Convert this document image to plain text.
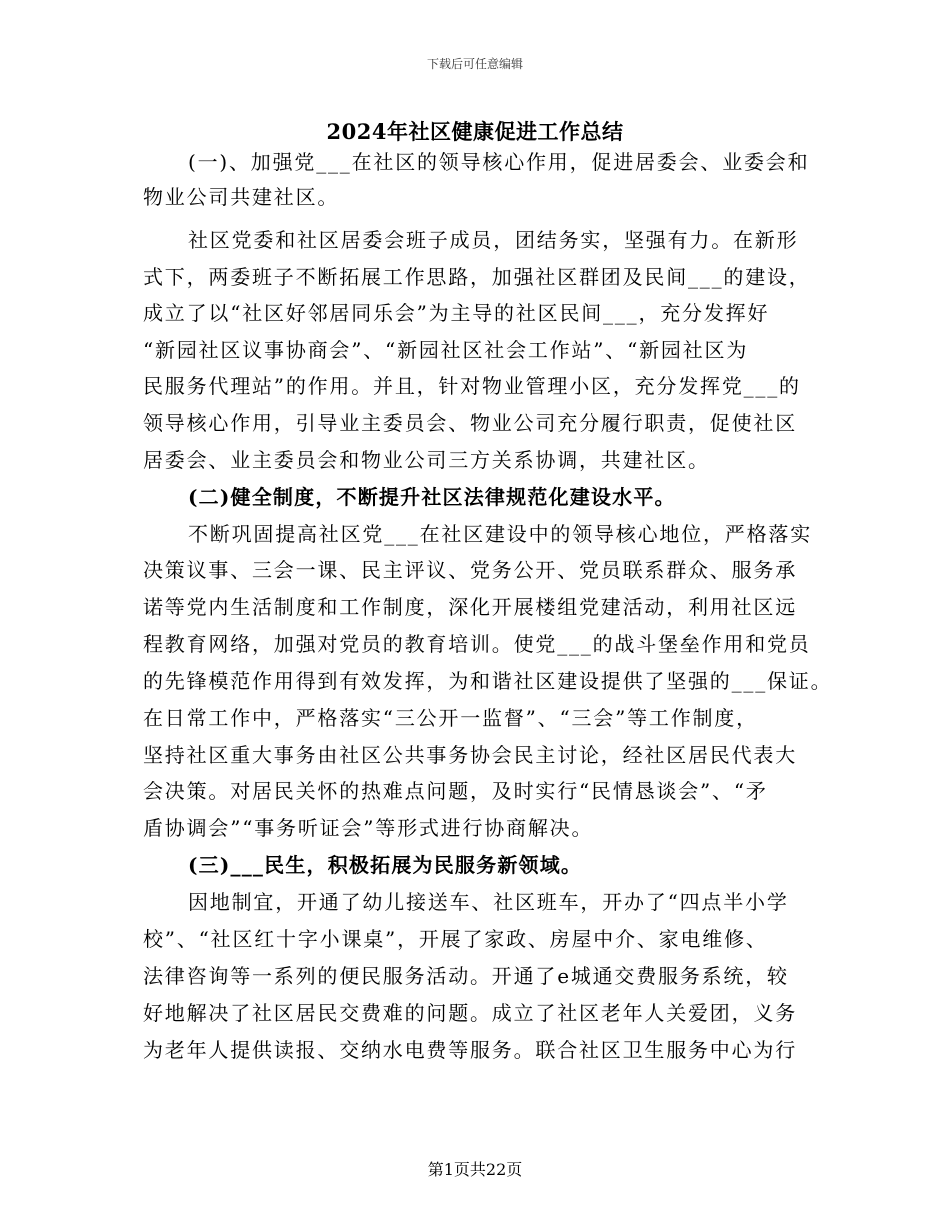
下载后可任意编辑
2024年社区健康促进工作总结
(一)、加强党___在社区的领导核心作用，促进居委会、业委会和
物业公司共建社区。
社区党委和社区居委会班子成员，团结务实，坚强有力。在新形
式下，两委班子不断拓展工作思路，加强社区群团及民间___的建设，
成立了以“社区好邻居同乐会”为主导的社区民间___，充分发挥好
“新园社区议事协商会”、“新园社区社会工作站”、“新园社区为
民服务代理站”的作用。并且，针对物业管理小区，充分发挥党___的
领导核心作用，引导业主委员会、物业公司充分履行职责，促使社区
居委会、业主委员会和物业公司三方关系协调，共建社区。
(二)健全制度，不断提升社区法律规范化建设水平。
不断巩固提高社区党___在社区建设中的领导核心地位，严格落实
决策议事、三会一课、民主评议、党务公开、党员联系群众、服务承
诺等党内生活制度和工作制度，深化开展楼组党建活动，利用社区远
程教育网络，加强对党员的教育培训。使党___的战斗堡垒作用和党员
的先锋模范作用得到有效发挥，为和谐社区建设提供了坚强的___保证。
在日常工作中，严格落实“三公开一监督”、“三会”等工作制度，
坚持社区重大事务由社区公共事务协会民主讨论，经社区居民代表大
会决策。对居民关怀的热难点问题，及时实行“民情恳谈会”、“矛
盾协调会”“事务听证会”等形式进行协商解决。
(三)___民生，积极拓展为民服务新领域。
因地制宜，开通了幼儿接送车、社区班车，开办了“四点半小学
校”、“社区红十字小课桌”，开展了家政、房屋中介、家电维修、
法律咨询等一系列的便民服务活动。开通了e城通交费服务系统，较
好地解决了社区居民交费难的问题。成立了社区老年人关爱团，义务
为老年人提供读报、交纳水电费等服务。联合社区卫生服务中心为行
第1页共22页
